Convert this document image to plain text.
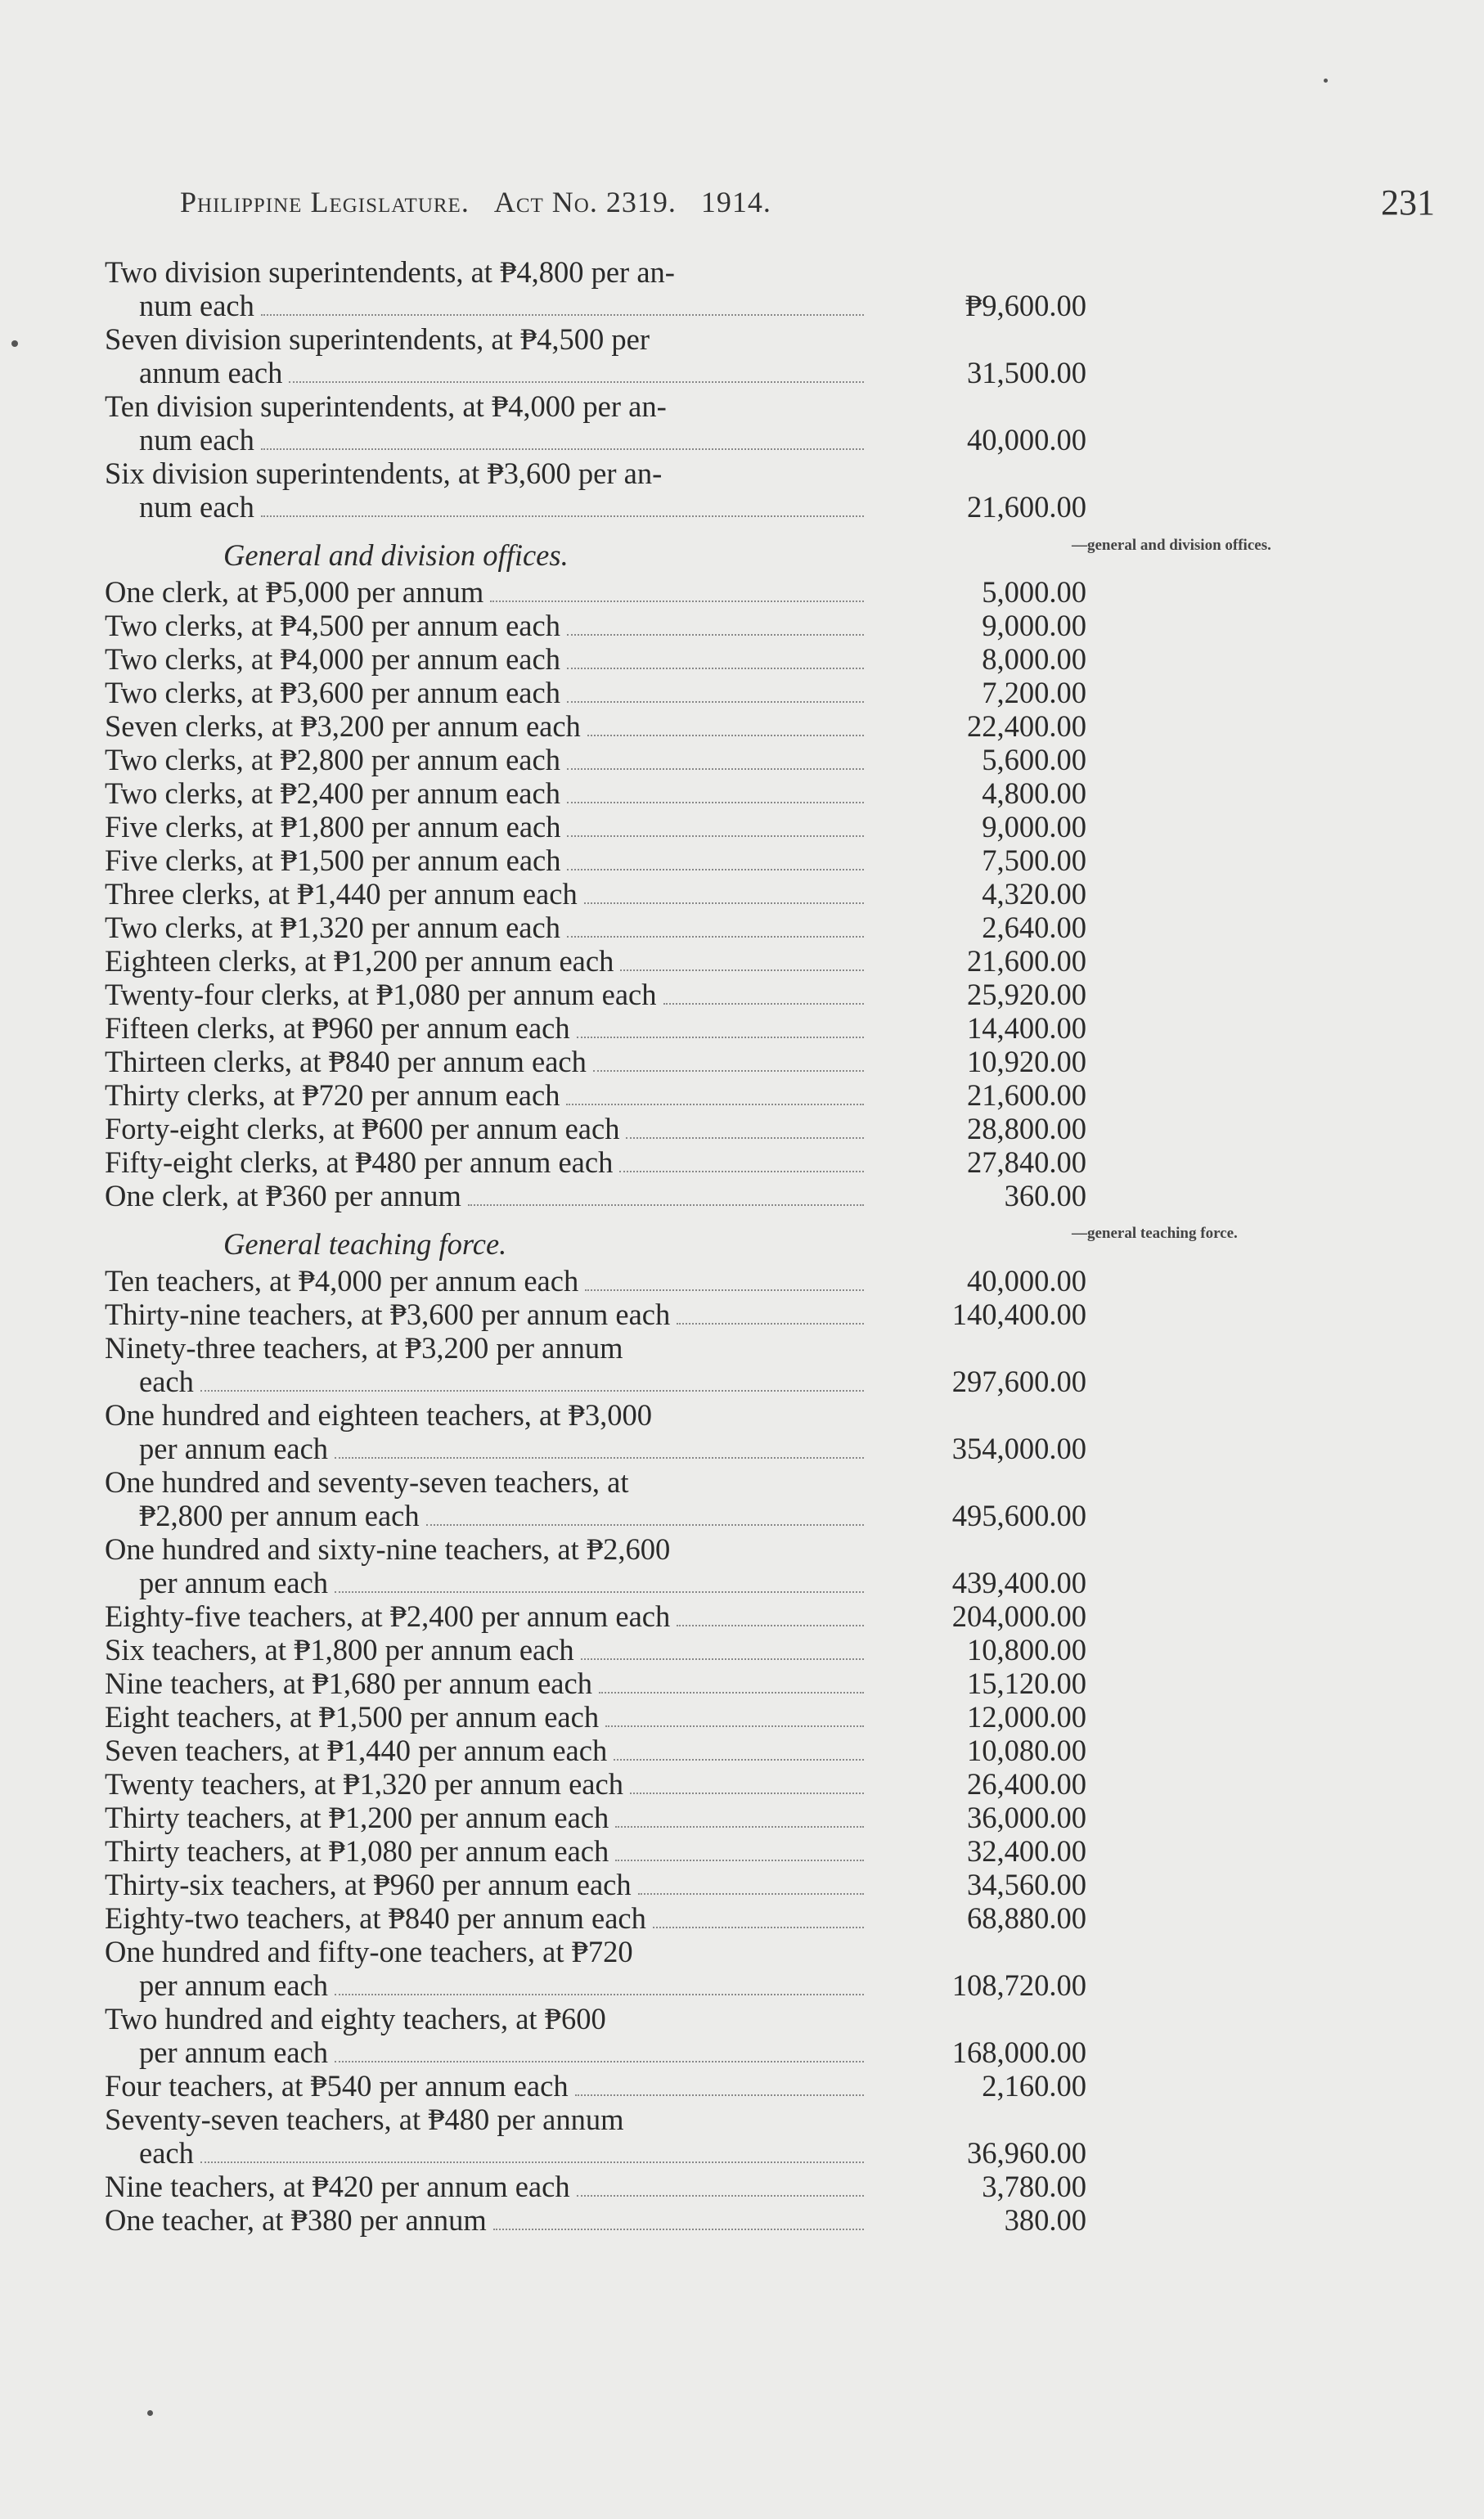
Philippine Legislature. Act No. 2319. 1914.	231
—general and division offices.
—general teaching force.
Two division superintendents, at ₱4,800 per an-
num each	₱9,600.00
Seven division superintendents, at ₱4,500 per
annum each	31,500.00
Ten division superintendents, at ₱4,000 per an-
num each	40,000.00
Six division superintendents, at ₱3,600 per an-
num each	21,600.00
General and division offices.
One clerk, at ₱5,000 per annum	5,000.00
Two clerks, at ₱4,500 per annum each	9,000.00
Two clerks, at ₱4,000 per annum each	8,000.00
Two clerks, at ₱3,600 per annum each	7,200.00
Seven clerks, at ₱3,200 per annum each	22,400.00
Two clerks, at ₱2,800 per annum each	5,600.00
Two clerks, at ₱2,400 per annum each	4,800.00
Five clerks, at ₱1,800 per annum each	9,000.00
Five clerks, at ₱1,500 per annum each	7,500.00
Three clerks, at ₱1,440 per annum each	4,320.00
Two clerks, at ₱1,320 per annum each	2,640.00
Eighteen clerks, at ₱1,200 per annum each	21,600.00
Twenty-four clerks, at ₱1,080 per annum each	25,920.00
Fifteen clerks, at ₱960 per annum each	14,400.00
Thirteen clerks, at ₱840 per annum each	10,920.00
Thirty clerks, at ₱720 per annum each	21,600.00
Forty-eight clerks, at ₱600 per annum each	28,800.00
Fifty-eight clerks, at ₱480 per annum each	27,840.00
One clerk, at ₱360 per annum	360.00
General teaching force.
Ten teachers, at ₱4,000 per annum each	40,000.00
Thirty-nine teachers, at ₱3,600 per annum each	140,400.00
Ninety-three teachers, at ₱3,200 per annum
each	297,600.00
One hundred and eighteen teachers, at ₱3,000
per annum each	354,000.00
One hundred and seventy-seven teachers, at
₱2,800 per annum each	495,600.00
One hundred and sixty-nine teachers, at ₱2,600
per annum each	439,400.00
Eighty-five teachers, at ₱2,400 per annum each	204,000.00
Six teachers, at ₱1,800 per annum each	10,800.00
Nine teachers, at ₱1,680 per annum each	15,120.00
Eight teachers, at ₱1,500 per annum each	12,000.00
Seven teachers, at ₱1,440 per annum each	10,080.00
Twenty teachers, at ₱1,320 per annum each	26,400.00
Thirty teachers, at ₱1,200 per annum each	36,000.00
Thirty teachers, at ₱1,080 per annum each	32,400.00
Thirty-six teachers, at ₱960 per annum each	34,560.00
Eighty-two teachers, at ₱840 per annum each	68,880.00
One hundred and fifty-one teachers, at ₱720
per annum each	108,720.00
Two hundred and eighty teachers, at ₱600
per annum each	168,000.00
Four teachers, at ₱540 per annum each	2,160.00
Seventy-seven teachers, at ₱480 per annum
each	36,960.00
Nine teachers, at ₱420 per annum each	3,780.00
One teacher, at ₱380 per annum	380.00
